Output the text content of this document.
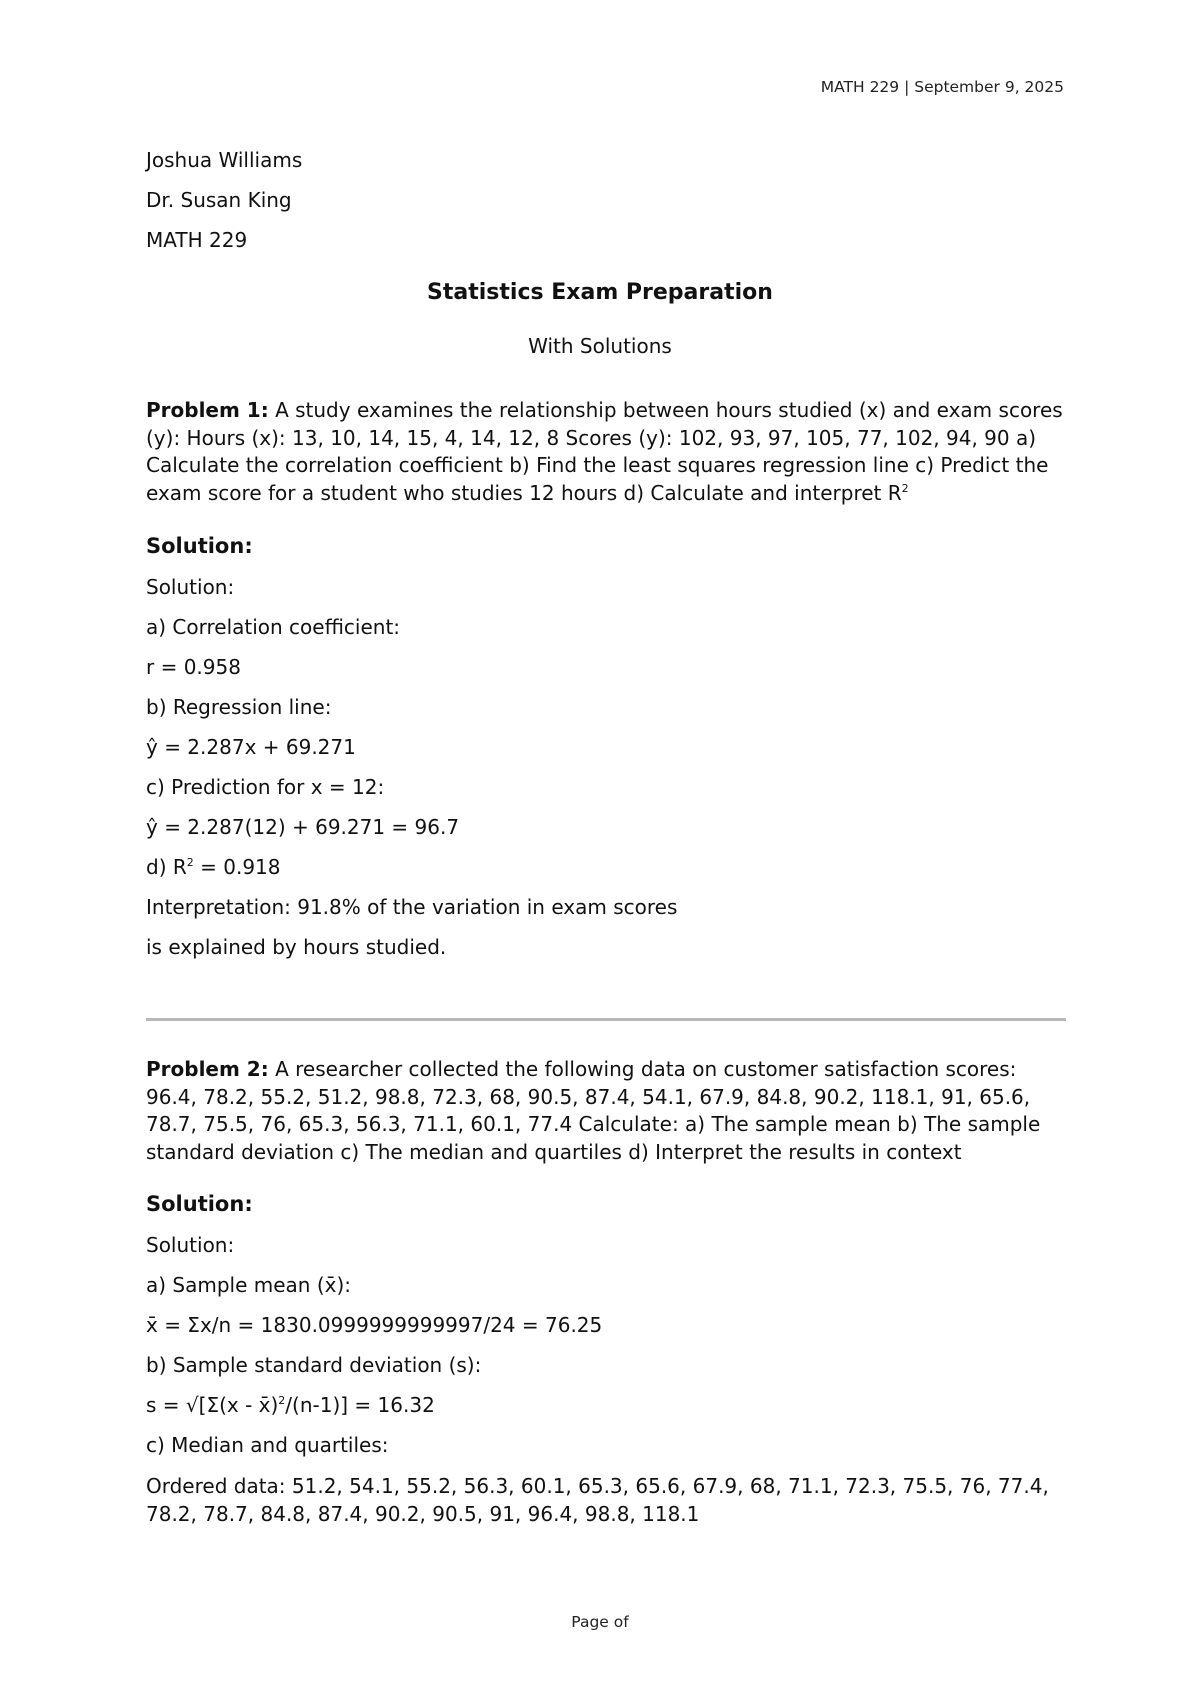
MATH 229 | September 9, 2025
Joshua Williams
Dr. Susan King
MATH 229
Statistics Exam Preparation
With Solutions
Problem 1: A study examines the relationship between hours studied (x) and exam scores (y): Hours (x): 13, 10, 14, 15, 4, 14, 12, 8 Scores (y): 102, 93, 97, 105, 77, 102, 94, 90 a) Calculate the correlation coefficient b) Find the least squares regression line c) Predict the exam score for a student who studies 12 hours d) Calculate and interpret $R^2$
Solution:
Solution:
a) Correlation coefficient:
r = 0.958
b) Regression line:
ŷ = 2.287x + 69.271
c) Prediction for x = 12:
ŷ = 2.287(12) + 69.271 = 96.7
d) $R^2 = 0.918$
Interpretation: 91.8% of the variation in exam scores
is explained by hours studied.
Problem 2: A researcher collected the following data on customer satisfaction scores: 96.4, 78.2, 55.2, 51.2, 98.8, 72.3, 68, 90.5, 87.4, 54.1, 67.9, 84.8, 90.2, 118.1, 91, 65.6, 78.7, 75.5, 76, 65.3, 56.3, 71.1, 60.1, 77.4 Calculate: a) The sample mean b) The sample standard deviation c) The median and quartiles d) Interpret the results in context
Solution:
Solution:
a) Sample mean (x̄):
x̄ = Σx/n = 1830.0999999999997/24 = 76.25
b) Sample standard deviation (s):
s = √[Σ(x - x̄)$^2$/(n-1)] = 16.32
c) Median and quartiles:
Ordered data: 51.2, 54.1, 55.2, 56.3, 60.1, 65.3, 65.6, 67.9, 68, 71.1, 72.3, 75.5, 76, 77.4, 78.2, 78.7, 84.8, 87.4, 90.2, 90.5, 91, 96.4, 98.8, 118.1
Page of
